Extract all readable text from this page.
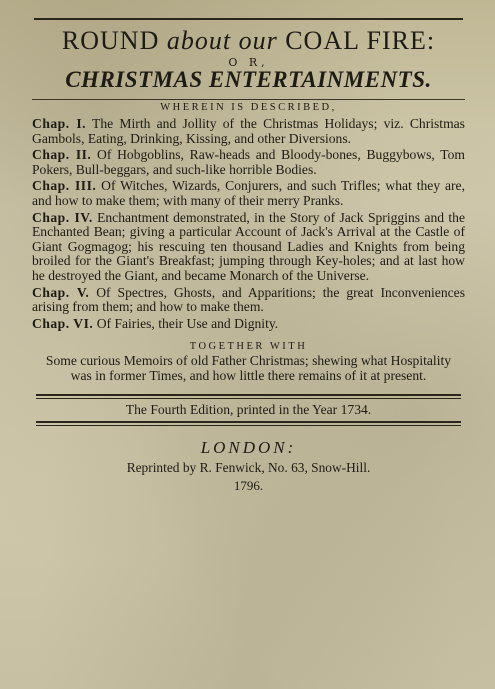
ROUND about our COAL FIRE:
O R,
CHRISTMAS ENTERTAINMENTS.
WHEREIN IS DESCRIBED,
Chap. I. The Mirth and Jollity of the Christmas Holidays; viz. Christmas Gambols, Eating, Drinking, Kissing, and other Diversions.
Chap. II. Of Hobgoblins, Raw-heads and Bloody-bones, Buggybows, Tom Pokers, Bull-beggars, and such-like horrible Bodies.
Chap. III. Of Witches, Wizards, Conjurers, and such Trifles; what they are, and how to make them; with many of their merry Pranks.
Chap. IV. Enchantment demonstrated, in the Story of Jack Spriggins and the Enchanted Bean; giving a particular Account of Jack's Arrival at the Castle of Giant Gogmagog; his rescuing ten thousand Ladies and Knights from being broiled for the Giant's Breakfast; jumping through Key-holes; and at last how he destroyed the Giant, and became Monarch of the Universe.
Chap. V. Of Spectres, Ghosts, and Apparitions; the great Inconveniences arising from them; and how to make them.
Chap. VI. Of Fairies, their Use and Dignity.
TOGETHER WITH
Some curious Memoirs of old Father Christmas; shewing what Hospitality was in former Times, and how little there remains of it at present.
The Fourth Edition, printed in the Year 1734.
LONDON:
Reprinted by R. Fenwick, No. 63, Snow-Hill.
1796.
